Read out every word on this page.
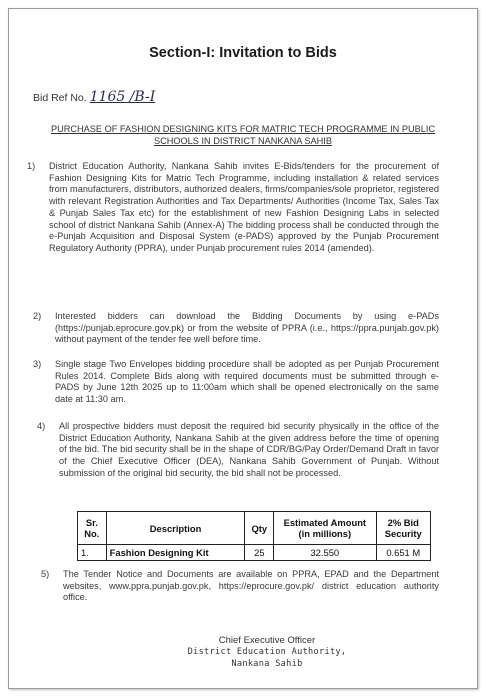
Section-I: Invitation to Bids
Bid Ref No. 1165 /B-I
PURCHASE OF FASHION DESIGNING KITS FOR MATRIC TECH PROGRAMME IN PUBLIC
SCHOOLS IN DISTRICT NANKANA SAHIB
1) District Education Authority, Nankana Sahib invites E-Bids/tenders for the procurement of Fashion Designing Kits for Matric Tech Programme, including installation & related services from manufacturers, distributors, authorized dealers, firms/companies/sole proprietor, registered with relevant Registration Authorities and Tax Departments/ Authorities (Income Tax, Sales Tax & Punjab Sales Tax etc) for the establishment of new Fashion Designing Labs in selected school of district Nankana Sahib (Annex-A) The bidding process shall be conducted through the e-Punjab Acquisition and Disposal System (e-PADS) approved by the Punjab Procurement Regulatory Authority (PPRA), under Punjab procurement rules 2014 (amended).
2) Interested bidders can download the Bidding Documents by using e-PADs (https://punjab.eprocure.gov.pk) or from the website of PPRA (i.e., https://ppra.punjab.gov.pk) without payment of the tender fee well before time.
3) Single stage Two Envelopes bidding procedure shall be adopted as per Punjab Procurement Rules 2014. Complete Bids along with required documents must be submitted through e-PADS by June 12th 2025 up to 11:00am which shall be opened electronically on the same date at 11:30 am.
4) All prospective bidders must deposit the required bid security physically in the office of the District Education Authority, Nankana Sahib at the given address before the time of opening of the bid. The bid security shall be in the shape of CDR/BG/Pay Order/Demand Draft in favor of the Chief Executive Officer (DEA), Nankana Sahib Government of Punjab. Without submission of the original bid security, the bid shall not be processed.
Sr. No.	Description	Qty	Estimated Amount (in millions)	2% Bid Security
1.	Fashion Designing Kit	25	32.550	0.651 M
5) The Tender Notice and Documents are available on PPRA, EPAD and the Department websites, www.ppra.punjab.gov.pk, https://eprocure.gov.pk/ district education authority office.
Chief Executive Officer
District Education Authority,
Nankana Sahib
